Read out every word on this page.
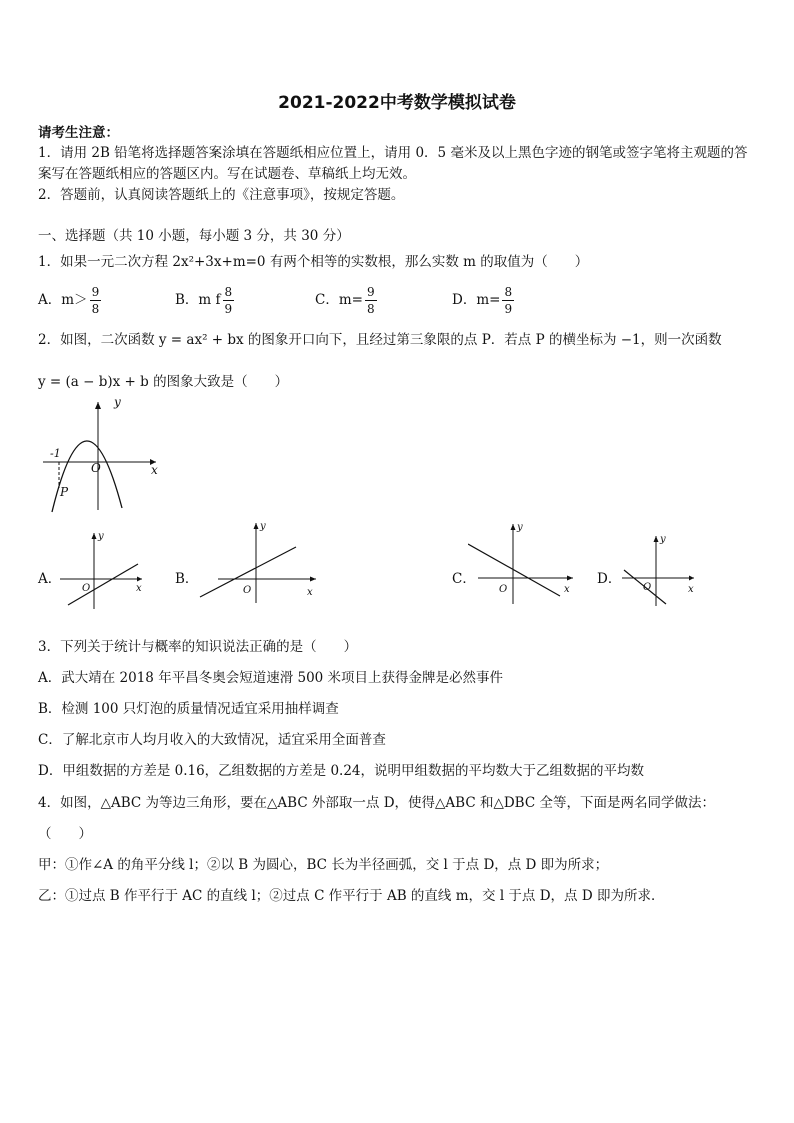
2021-2022中考数学模拟试卷
请考生注意：
1．请用 2B 铅笔将选择题答案涂填在答题纸相应位置上，请用 0．5 毫米及以上黑色字迹的钢笔或签字笔将主观题的答
案写在答题纸相应的答题区内。写在试题卷、草稿纸上均无效。
2．答题前，认真阅读答题纸上的《注意事项》，按规定答题。
一、选择题（共 10 小题，每小题 3 分，共 30 分）
1．如果一元二次方程 2x²+3x+m=0 有两个相等的实数根，那么实数 m 的取值为（　　）
A．$m> \frac{9}{8}$	B．m f $\frac{8}{9}$	C．$m= \frac{9}{8}$	D．$m= \frac{8}{9}$
2．如图，二次函数 y = ax² + bx 的图象开口向下，且经过第三象限的点 P．若点 P 的横坐标为 −1，则一次函数
y = (a − b)x + b 的图象大致是（　　）
y
x
O
-1
P
A．	B．	C．	D．
y
x
O
y
x
O
y
x
O
y
x
O
3．下列关于统计与概率的知识说法正确的是（　　）
A．武大靖在 2018 年平昌冬奥会短道速滑 500 米项目上获得金牌是必然事件
B．检测 100 只灯泡的质量情况适宜采用抽样调查
C．了解北京市人均月收入的大致情况，适宜采用全面普查
D．甲组数据的方差是 0.16，乙组数据的方差是 0.24，说明甲组数据的平均数大于乙组数据的平均数
4．如图，△ABC 为等边三角形，要在△ABC 外部取一点 D，使得△ABC 和△DBC 全等，下面是两名同学做法：
（　　）
甲：①作∠A 的角平分线 l；②以 B 为圆心，BC 长为半径画弧，交 l 于点 D，点 D 即为所求；
乙：①过点 B 作平行于 AC 的直线 l；②过点 C 作平行于 AB 的直线 m，交 l 于点 D，点 D 即为所求．
